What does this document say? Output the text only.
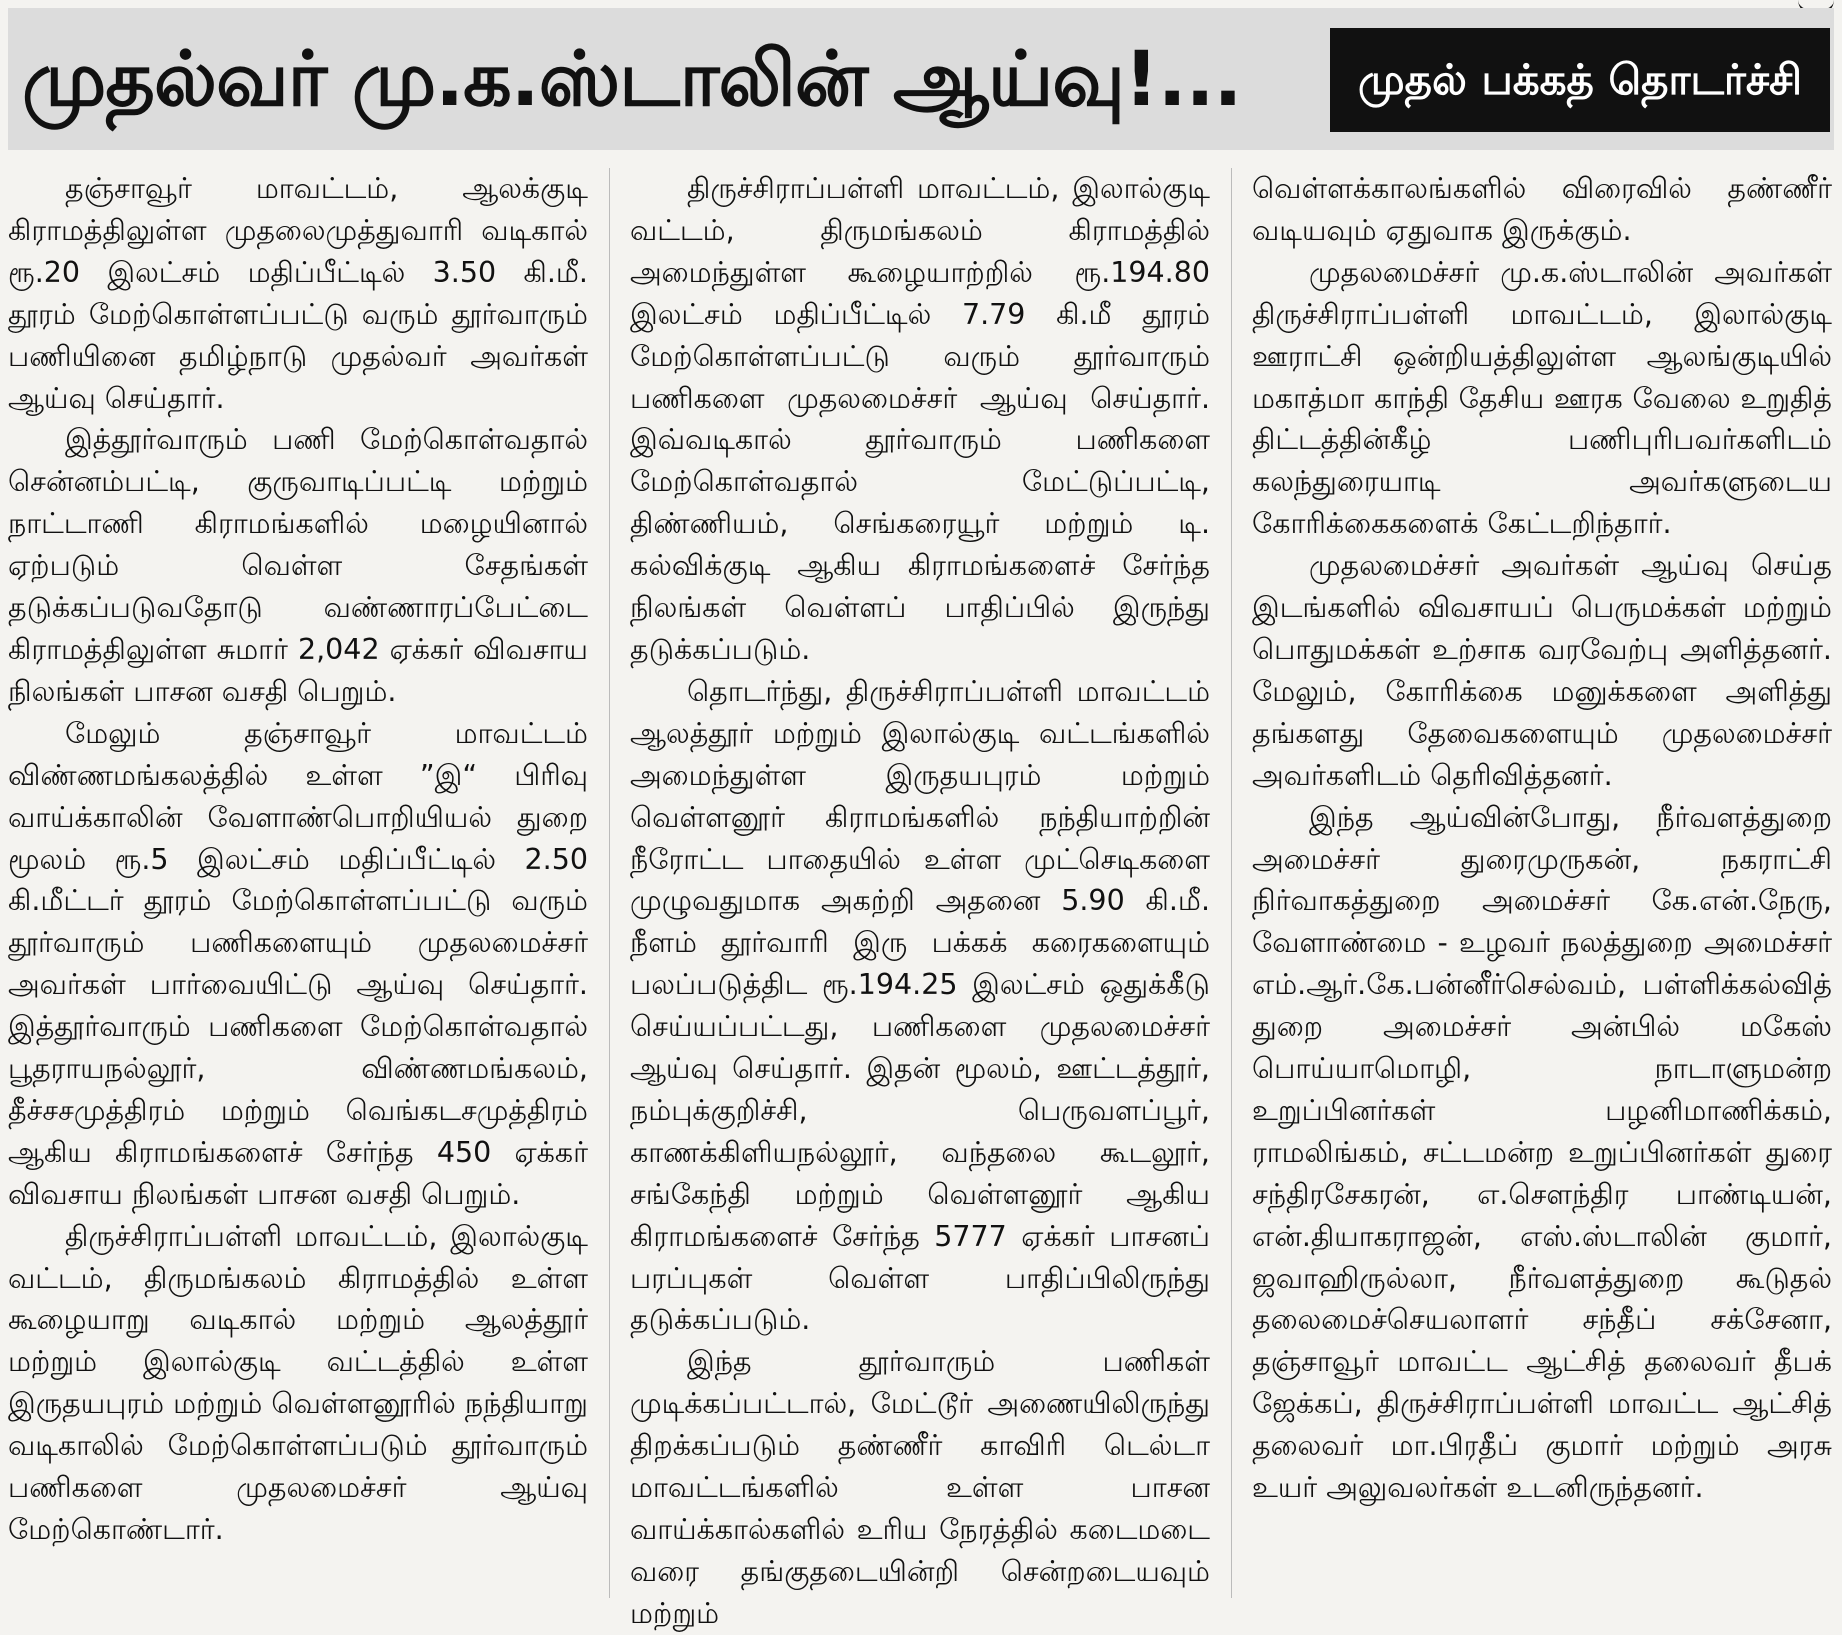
முதல்வர் மு.க.ஸ்டாலின் ஆய்வு!...	முதல் பக்கத் தொடர்ச்சி

தஞ்சாவூர் மாவட்டம், ஆலக்குடி கிராமத்திலுள்ள முதலைமுத்துவாரி வடிகால் ரூ.20 இலட்சம் மதிப்பீட்டில் 3.50 கி.மீ. தூரம் மேற்கொள்ளப்பட்டு வரும் தூர்வாரும் பணியினை தமிழ்நாடு முதல்வர் அவர்கள் ஆய்வு செய்தார்.

இத்தூர்வாரும் பணி மேற்கொள்வதால் சென்னம்பட்டி, குருவாடிப்பட்டி மற்றும் நாட்டாணி கிராமங்களில் மழையினால் ஏற்படும் வெள்ள சேதங்கள் தடுக்கப்படுவதோடு வண்ணாரப்பேட்டை கிராமத்திலுள்ள சுமார் 2,042 ஏக்கர் விவசாய நிலங்கள் பாசன வசதி பெறும்.

மேலும் தஞ்சாவூர் மாவட்டம் விண்ணமங்கலத்தில் உள்ள ”இ“ பிரிவு வாய்க்காலின் வேளாண்பொறியியல் துறை மூலம் ரூ.5 இலட்சம் மதிப்பீட்டில் 2.50 கி.மீட்டர் தூரம் மேற்கொள்ளப்பட்டு வரும் தூர்வாரும் பணிகளையும் முதலமைச்சர் அவர்கள் பார்வையிட்டு ஆய்வு செய்தார். இத்தூர்வாரும் பணிகளை மேற்கொள்வதால் பூதராயநல்லூர், விண்ணமங்கலம், தீச்சசமுத்திரம் மற்றும் வெங்கடசமுத்திரம் ஆகிய கிராமங்களைச் சேர்ந்த 450 ஏக்கர் விவசாய நிலங்கள் பாசன வசதி பெறும்.

திருச்சிராப்பள்ளி மாவட்டம், இலால்குடி வட்டம், திருமங்கலம் கிராமத்தில் உள்ள கூழையாறு வடிகால் மற்றும் ஆலத்தூர் மற்றும் இலால்குடி வட்டத்தில் உள்ள இருதயபுரம் மற்றும் வெள்ளனூரில் நந்தியாறு வடிகாலில் மேற்கொள்ளப்படும் தூர்வாரும் பணிகளை முதலமைச்சர் ஆய்வு மேற்கொண்டார்.

திருச்சிராப்பள்ளி மாவட்டம், இலால்குடி வட்டம், திருமங்கலம் கிராமத்தில் அமைந்துள்ள கூழையாற்றில் ரூ.194.80 இலட்சம் மதிப்பீட்டில் 7.79 கி.மீ தூரம் மேற்கொள்ளப்பட்டு வரும் தூர்வாரும் பணிகளை முதலமைச்சர் ஆய்வு செய்தார். இவ்வடிகால் தூர்வாரும் பணிகளை மேற்கொள்வதால் மேட்டுப்பட்டி, திண்ணியம், செங்கரையூர் மற்றும் டி. கல்விக்குடி ஆகிய கிராமங்களைச் சேர்ந்த நிலங்கள் வெள்ளப் பாதிப்பில் இருந்து தடுக்கப்படும்.

தொடர்ந்து, திருச்சிராப்பள்ளி மாவட்டம் ஆலத்தூர் மற்றும் இலால்குடி வட்டங்களில் அமைந்துள்ள இருதயபுரம் மற்றும் வெள்ளனூர் கிராமங்களில் நந்தியாற்றின் நீரோட்ட பாதையில் உள்ள முட்செடிகளை முழுவதுமாக அகற்றி அதனை 5.90 கி.மீ. நீளம் தூர்வாரி இரு பக்கக் கரைகளையும் பலப்படுத்திட ரூ.194.25 இலட்சம் ஒதுக்கீடு செய்யப்பட்டது, பணிகளை முதலமைச்சர் ஆய்வு செய்தார். இதன் மூலம், ஊட்டத்தூர், நம்புக்குறிச்சி, பெருவளப்பூர், காணக்கிளியநல்லூர், வந்தலை கூடலூர், சங்கேந்தி மற்றும் வெள்ளனூர் ஆகிய கிராமங்களைச் சேர்ந்த 5777 ஏக்கர் பாசனப் பரப்புகள் வெள்ள பாதிப்பிலிருந்து தடுக்கப்படும்.

இந்த தூர்வாரும் பணிகள் முடிக்கப்பட்டால், மேட்டூர் அணையிலிருந்து திறக்கப்படும் தண்ணீர் காவிரி டெல்டா மாவட்டங்களில் உள்ள பாசன வாய்க்கால்களில் உரிய நேரத்தில் கடைமடை வரை தங்குதடையின்றி சென்றடையவும் மற்றும்

வெள்ளக்காலங்களில் விரைவில் தண்ணீர் வடியவும் ஏதுவாக இருக்கும்.

முதலமைச்சர் மு.க.ஸ்டாலின் அவர்கள் திருச்சிராப்பள்ளி மாவட்டம், இலால்குடி ஊராட்சி ஒன்றியத்திலுள்ள ஆலங்குடியில் மகாத்மா காந்தி தேசிய ஊரக வேலை உறுதித் திட்டத்தின்கீழ் பணிபுரிபவர்களிடம் கலந்துரையாடி அவர்களுடைய கோரிக்கைகளைக் கேட்டறிந்தார்.

முதலமைச்சர் அவர்கள் ஆய்வு செய்த இடங்களில் விவசாயப் பெருமக்கள் மற்றும் பொதுமக்கள் உற்சாக வரவேற்பு அளித்தனர். மேலும், கோரிக்கை மனுக்களை அளித்து தங்களது தேவைகளையும் முதலமைச்சர் அவர்களிடம் தெரிவித்தனர்.

இந்த ஆய்வின்போது, நீர்வளத்துறை அமைச்சர் துரைமுருகன், நகராட்சி நிர்வாகத்துறை அமைச்சர் கே.என்.நேரு, வேளாண்மை - உழவர் நலத்துறை அமைச்சர் எம்.ஆர்.கே.பன்னீர்செல்வம், பள்ளிக்கல்வித் துறை அமைச்சர் அன்பில் மகேஸ் பொய்யாமொழி, நாடாளுமன்ற உறுப்பினர்கள் பழனிமாணிக்கம், ராமலிங்கம், சட்டமன்ற உறுப்பினர்கள் துரை சந்திரசேகரன், எ.சௌந்திர பாண்டியன், என்.தியாகராஜன், எஸ்.ஸ்டாலின் குமார், ஜவாஹிருல்லா, நீர்வளத்துறை கூடுதல் தலைமைச்செயலாளர் சந்தீப் சக்சேனா, தஞ்சாவூர் மாவட்ட ஆட்சித் தலைவர் தீபக் ஜேக்கப், திருச்சிராப்பள்ளி மாவட்ட ஆட்சித் தலைவர் மா.பிரதீப் குமார் மற்றும் அரசு உயர் அலுவலர்கள் உடனிருந்தனர்.
